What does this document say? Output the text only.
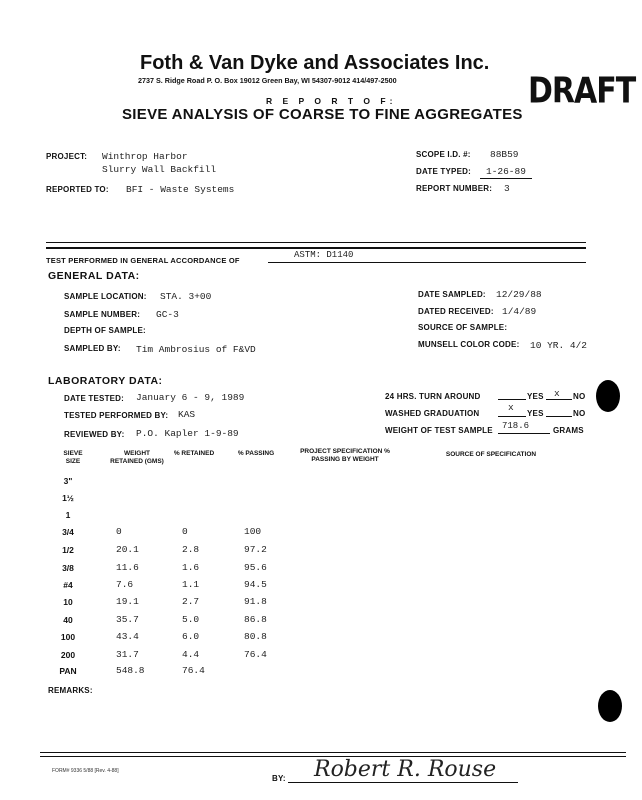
Foth & Van Dyke and Associates Inc.
2737 S. Ridge Road P. O. Box 19012 Green Bay, WI 54307-9012 414/497-2500	DRAFT
R E P O R T O F:
SIEVE ANALYSIS OF COARSE TO FINE AGGREGATES
PROJECT: Winthrop Harbor
Slurry Wall Backfill
REPORTED TO: BFI - Waste Systems
SCOPE I.D. #: 88B59
DATE TYPED: 1-26-89
REPORT NUMBER: 3
TEST PERFORMED IN GENERAL ACCORDANCE OF
ASTM: D1140
GENERAL DATA:
SAMPLE LOCATION: STA. 3+00
SAMPLE NUMBER: GC-3
DEPTH OF SAMPLE:
SAMPLED BY: Tim Ambrosius of F&VD
DATE SAMPLED: 12/29/88
DATED RECEIVED: 1/4/89
SOURCE OF SAMPLE:
MUNSELL COLOR CODE: 10 YR. 4/2
LABORATORY DATA:
DATE TESTED: January 6 - 9, 1989
TESTED PERFORMED BY: KAS
REVIEWED BY: P.O. Kapler 1-9-89
24 HRS. TURN AROUND	YES x NO
WASHED GRADUATION
x
YES	NO
WEIGHT OF TEST SAMPLE 718.6	GRAMS
SIEVE SIZE
WEIGHT RETAINED (GMS)
% RETAINED	% PASSING	PROJECT SPECIFICATION % PASSING BY WEIGHT
SOURCE OF SPECIFICATION
3"
1½
1
3/4	0	0	100
1/2	20.1	2.8	97.2
3/8	11.6	1.6	95.6
#4	7.6	1.1	94.5
10	19.1	2.7	91.8
40	35.7	5.0	86.8
100	43.4	6.0	80.8
200	31.7	4.4	76.4
PAN	548.8	76.4
REMARKS:
FORM# 9336 5/88 [Rev. 4-88]
BY: Robert R. Rouse
